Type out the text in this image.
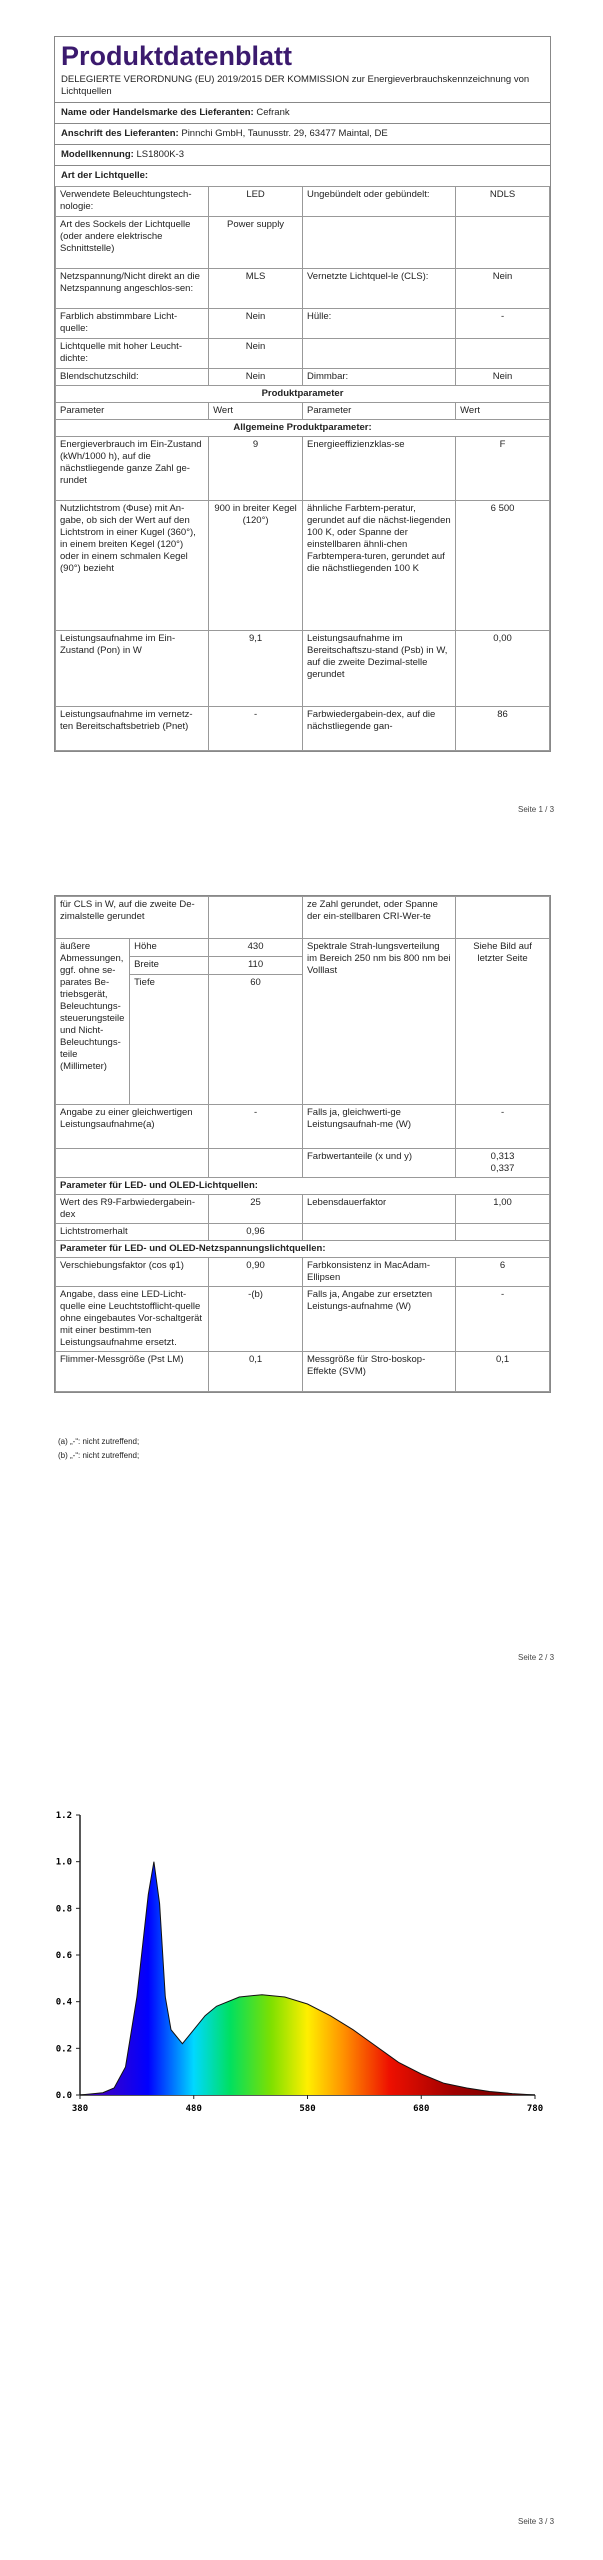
Produktdatenblatt
DELEGIERTE VERORDNUNG (EU) 2019/2015 DER KOMMISSION zur Energieverbrauchskennzeichnung von Lichtquellen
Name oder Handelsmarke des Lieferanten: Cefrank
Anschrift des Lieferanten: Pinnchi GmbH, Taunusstr. 29, 63477 Maintal, DE
Modellkennung: LS1800K-3
Art der Lichtquelle:
Verwendete Beleuchtungstech-nologie:	LED	Ungebündelt oder gebündelt:	NDLS
Art des Sockels der Lichtquelle (oder andere elektrische Schnittstelle)	Power supply		
Netzspannung/Nicht direkt an die Netzspannung angeschlos-sen:	MLS	Vernetzte Lichtquel-le (CLS):	Nein
Farblich abstimmbare Licht-quelle:	Nein	Hülle:	-
Lichtquelle mit hoher Leucht-dichte:	Nein		
Blendschutzschild:	Nein	Dimmbar:	Nein
Produktparameter			
Parameter	Wert	Parameter	Wert
Allgemeine Produktparameter:			
Energieverbrauch im Ein-Zustand (kWh/1000 h), auf die nächstliegende ganze Zahl ge-rundet	9	Energieeffizienzklas-se	F
Nutzlichtstrom (Φuse) mit An-gabe, ob sich der Wert auf den Lichtstrom in einer Kugel (360°), in einem breiten Kegel (120°) oder in einem schmalen Kegel (90°) bezieht	900 in breiter Kegel (120°)	ähnliche Farbtem-peratur, gerundet auf die nächst-liegenden 100 K, oder Spanne der einstellbaren ähnli-chen Farbtempera-turen, gerundet auf die nächstliegenden 100 K	6 500
Leistungsaufnahme im Ein-Zustand (Pon) in W	9,1	Leistungsaufnahme im Bereitschaftszu-stand (Psb) in W, auf die zweite Dezimal-stelle gerundet	0,00
Leistungsaufnahme im vernetz-ten Bereitschaftsbetrieb (Pnet)	-	Farbwiedergabein-dex, auf die nächstliegende gan-	86
Seite 1 / 3
für CLS in W, auf die zweite De-zimalstelle gerundet			ze Zahl gerundet, oder Spanne der ein-stellbaren CRI-Wer-te	
äußere Abmessungen, ggf. ohne se-parates Be-triebsgerät, Beleuchtungs-steuerungsteile und Nicht-Beleuchtungs-teile (Millimeter)	Höhe	430	Spektrale Strah-lungsverteilung im Bereich 250 nm bis 800 nm bei Volllast	Siehe Bild auf letzter Seite
	Breite	110		
	Tiefe	60		
Angabe zu einer gleichwertigen Leistungsaufnahme(a)		-	Falls ja, gleichwerti-ge Leistungsaufnah-me (W)	-
			Farbwertanteile (x und y)	0,313
0,337
Parameter für LED- und OLED-Lichtquellen:				
Wert des R9-Farbwiedergabein-dex		25	Lebensdauerfaktor	1,00
Lichtstromerhalt		0,96		
Parameter für LED- und OLED-Netzspannungslichtquellen:				
Verschiebungsfaktor (cos φ1)		0,90	Farbkonsistenz in MacAdam-Ellipsen	6
Angabe, dass eine LED-Licht-quelle eine Leuchtstofflicht-quelle ohne eingebautes Vor-schaltgerät mit einer bestimm-ten Leistungsaufnahme ersetzt.		-(b)	Falls ja, Angabe zur ersetzten Leistungs-aufnahme (W)	-
Flimmer-Messgröße (Pst LM)		0,1	Messgröße für Stro-boskop-Effekte (SVM)	0,1
(a) „-“: nicht zutreffend;
(b) „-“: nicht zutreffend;
Seite 2 / 3
0.0
0.2
0.4
0.6
0.8
1.0
1.2
380	480	580	680	780
Seite 3 / 3
